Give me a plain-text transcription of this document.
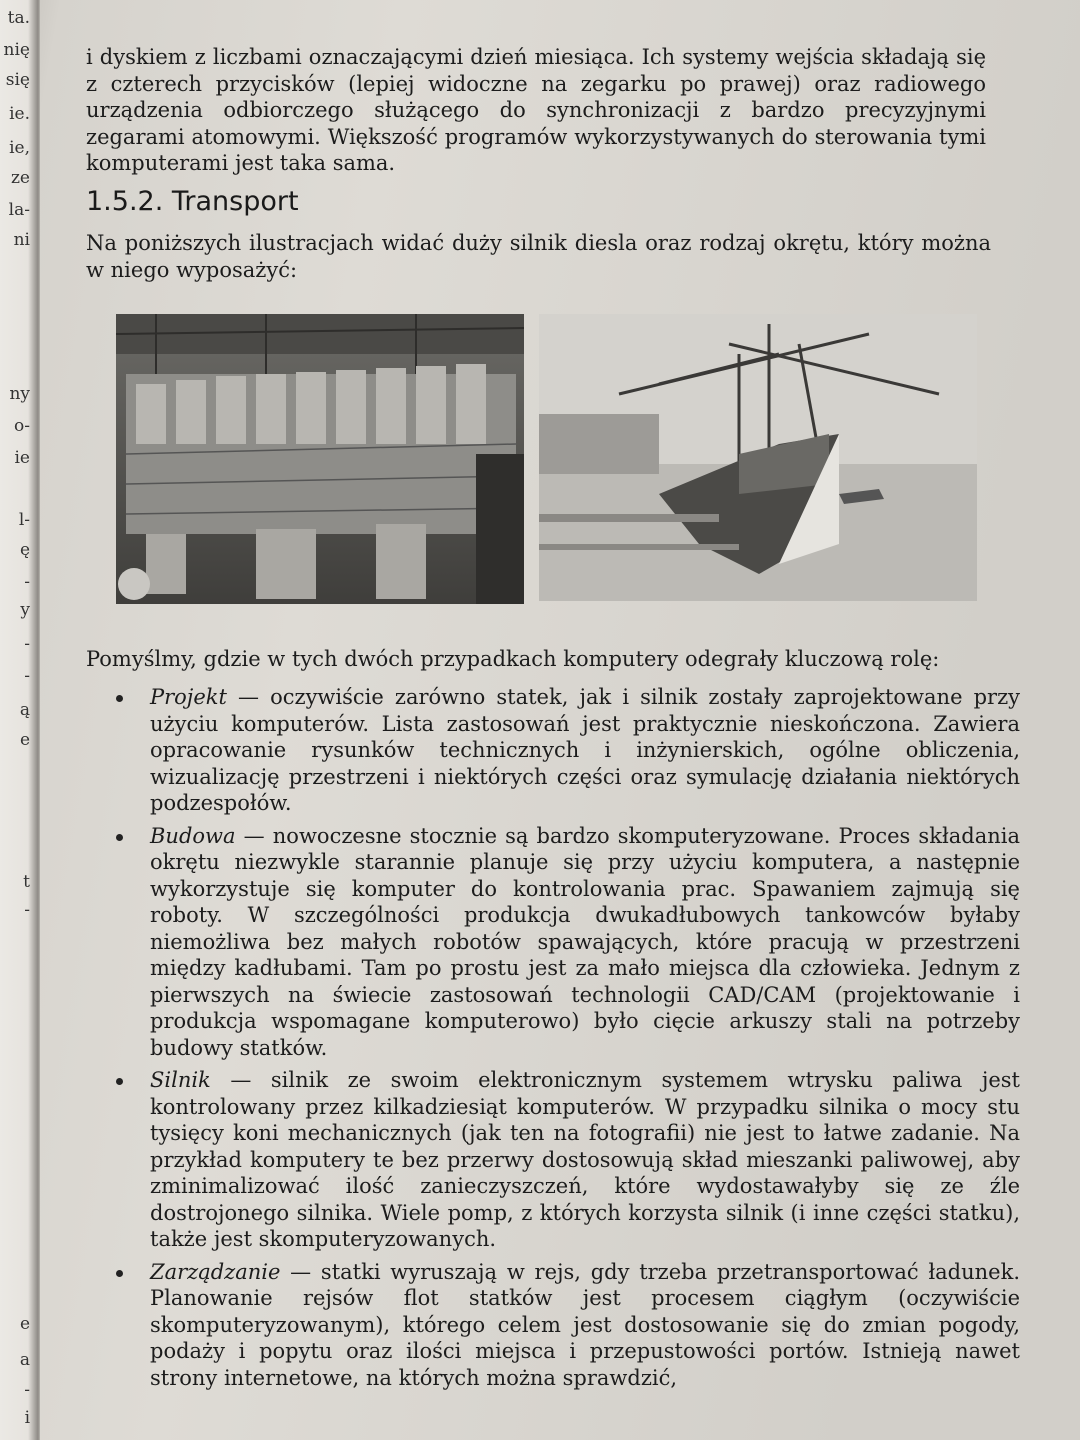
ta.
nię
się
ie.
ie,
ze
la-
ni
ny
o-
ie
l-
ę
-
y
-
-
ą
e
t
-
e
a
-
i

i dyskiem z liczbami oznaczającymi dzień miesiąca. Ich systemy wejścia składają się z czterech przycisków (lepiej widoczne na zegarku po prawej) oraz radiowego urządzenia odbiorczego służącego do synchronizacji z bardzo precyzyjnymi zegarami atomowymi. Większość programów wykorzystywanych do sterowania tymi komputerami jest taka sama.

1.5.2. Transport

Na poniższych ilustracjach widać duży silnik diesla oraz rodzaj okrętu, który można w niego wyposażyć:

Pomyślmy, gdzie w tych dwóch przypadkach komputery odegrały kluczową rolę:

Projekt — oczywiście zarówno statek, jak i silnik zostały zaprojektowane przy użyciu komputerów. Lista zastosowań jest praktycznie nieskończona. Zawiera opracowanie rysunków technicznych i inżynierskich, ogólne obliczenia, wizualizację przestrzeni i niektórych części oraz symulację działania niektórych podzespołów.
Budowa — nowoczesne stocznie są bardzo skomputeryzowane. Proces składania okrętu niezwykle starannie planuje się przy użyciu komputera, a następnie wykorzystuje się komputer do kontrolowania prac. Spawaniem zajmują się roboty. W szczególności produkcja dwukadłubowych tankowców byłaby niemożliwa bez małych robotów spawających, które pracują w przestrzeni między kadłubami. Tam po prostu jest za mało miejsca dla człowieka. Jednym z pierwszych na świecie zastosowań technologii CAD/CAM (projektowanie i produkcja wspomagane komputerowo) było cięcie arkuszy stali na potrzeby budowy statków.
Silnik — silnik ze swoim elektronicznym systemem wtrysku paliwa jest kontrolowany przez kilkadziesiąt komputerów. W przypadku silnika o mocy stu tysięcy koni mechanicznych (jak ten na fotografii) nie jest to łatwe zadanie. Na przykład komputery te bez przerwy dostosowują skład mieszanki paliwowej, aby zminimalizować ilość zanieczyszczeń, które wydostawałyby się ze źle dostrojonego silnika. Wiele pomp, z których korzysta silnik (i inne części statku), także jest skomputeryzowanych.
Zarządzanie — statki wyruszają w rejs, gdy trzeba przetransportować ładunek. Planowanie rejsów flot statków jest procesem ciągłym (oczywiście skomputeryzowanym), którego celem jest dostosowanie się do zmian pogody, podaży i popytu oraz ilości miejsca i przepustowości portów. Istnieją nawet strony internetowe, na których można sprawdzić,
